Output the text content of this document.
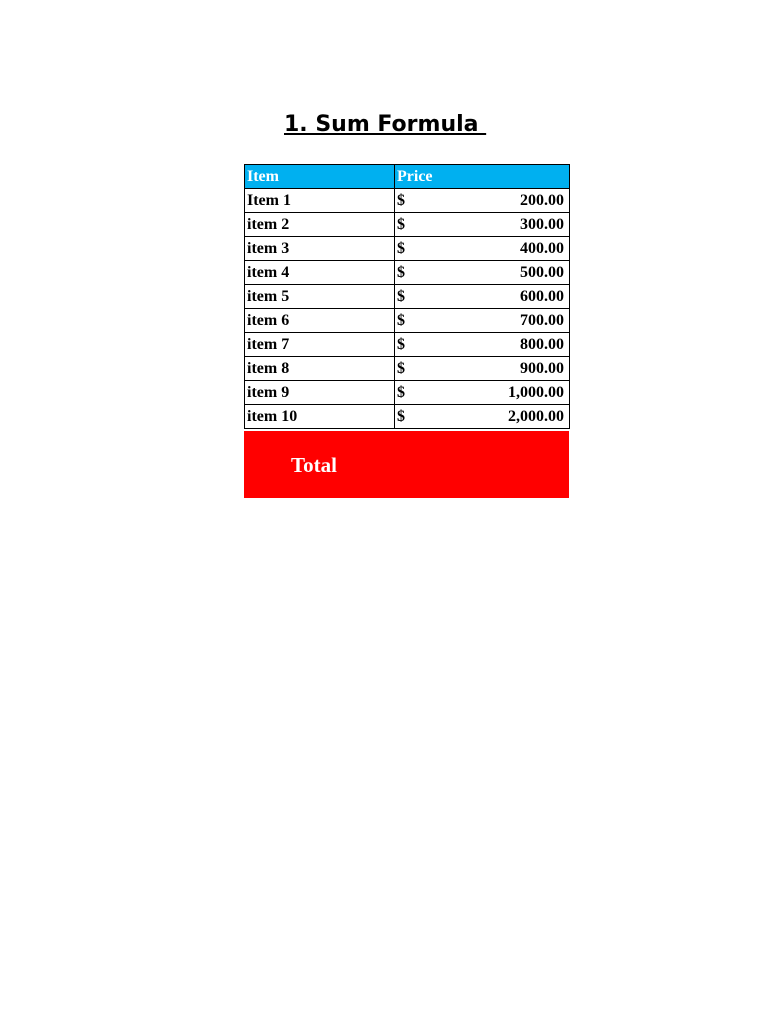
1. Sum Formula
Item	Price
Item 1	$ 200.00

item 2	$ 300.00

item 3	$ 400.00

item 4	$ 500.00

item 5	$ 600.00

item 6	$ 700.00

item 7	$ 800.00

item 8	$ 900.00

item 9	$ 1,000.00

item 10	$ 2,000.00
Total
